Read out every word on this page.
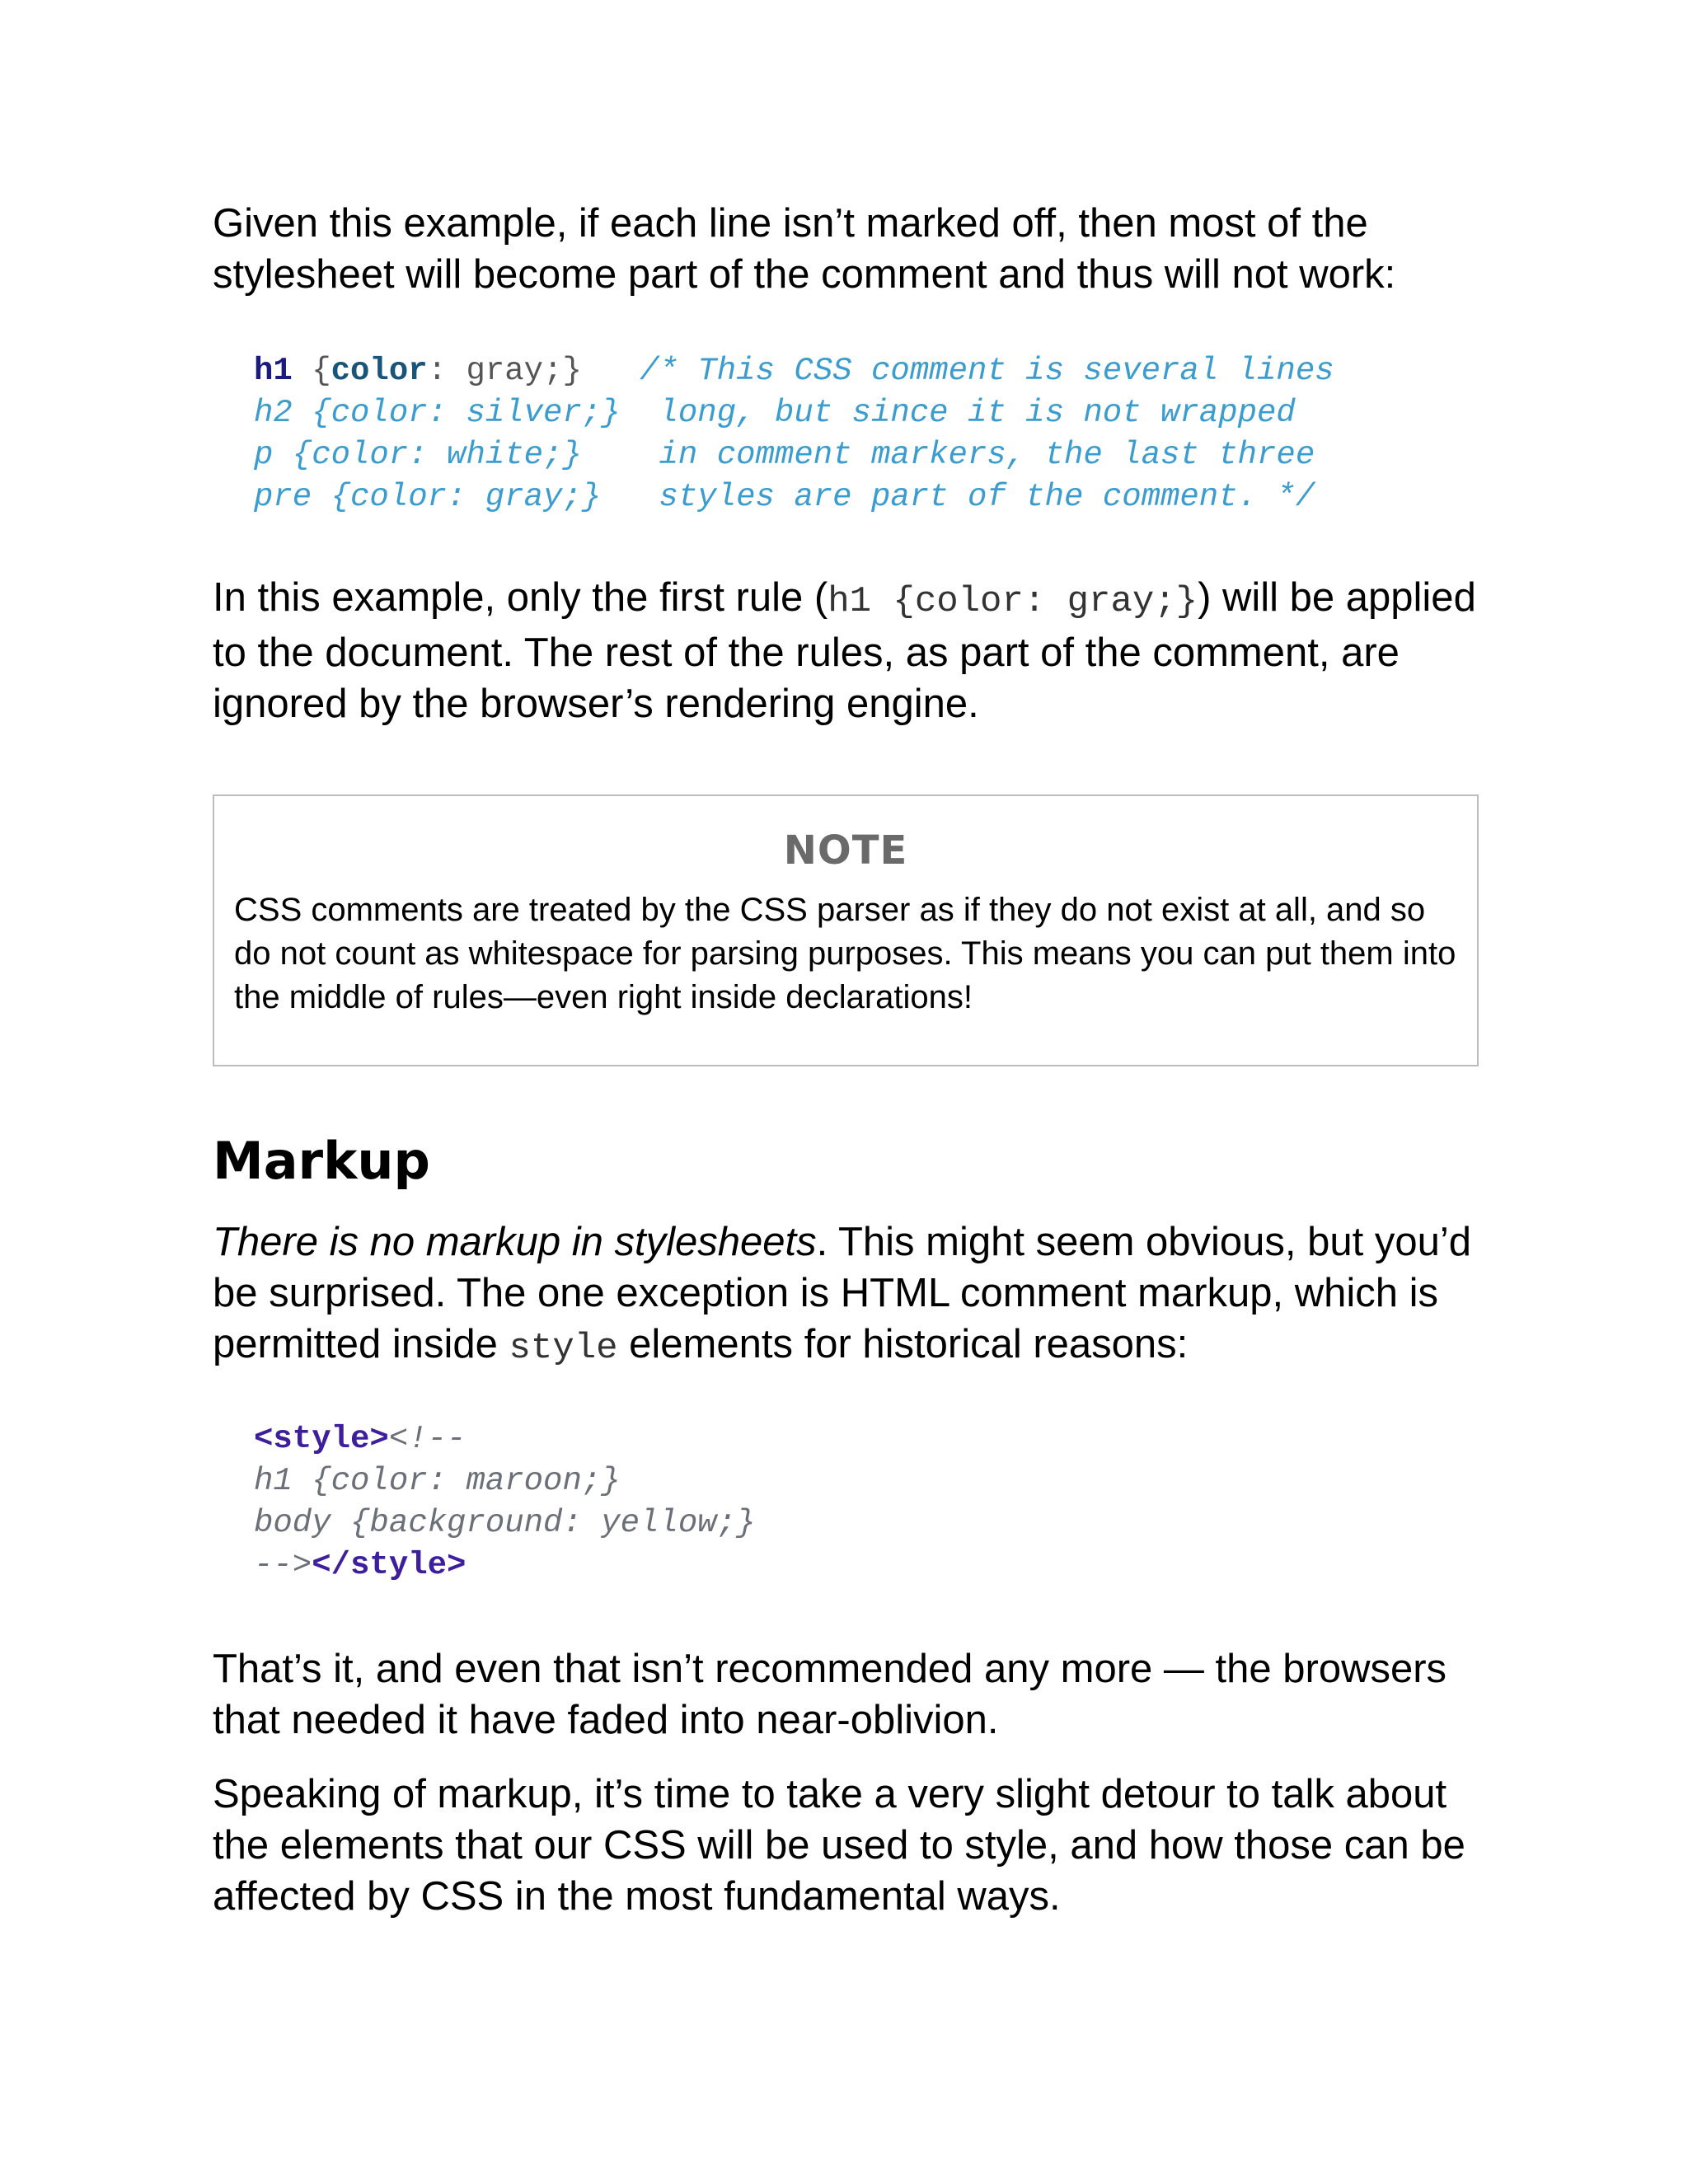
Given this example, if each line isn’t marked off, then most of the stylesheet will become part of the comment and thus will not work:

h1 {color: gray;} /* This CSS comment is several lines
h2 {color: silver;} long, but since it is not wrapped
p {color: white;} in comment markers, the last three
pre {color: gray;} styles are part of the comment. */

In this example, only the first rule (h1 {color: gray;}) will be applied to the document. The rest of the rules, as part of the comment, are ignored by the browser’s rendering engine.

NOTE
CSS comments are treated by the CSS parser as if they do not exist at all, and so do not count as whitespace for parsing purposes. This means you can put them into the middle of rules—even right inside declarations!
Markup

There is no markup in stylesheets. This might seem obvious, but you’d be surprised. The one exception is HTML comment markup, which is permitted inside style elements for historical reasons:

<style><!--
h1 {color: maroon;}
body {background: yellow;}
--></style>

That’s it, and even that isn’t recommended any more — the browsers that needed it have faded into near-oblivion.

Speaking of markup, it’s time to take a very slight detour to talk about the elements that our CSS will be used to style, and how those can be affected by CSS in the most fundamental ways.
